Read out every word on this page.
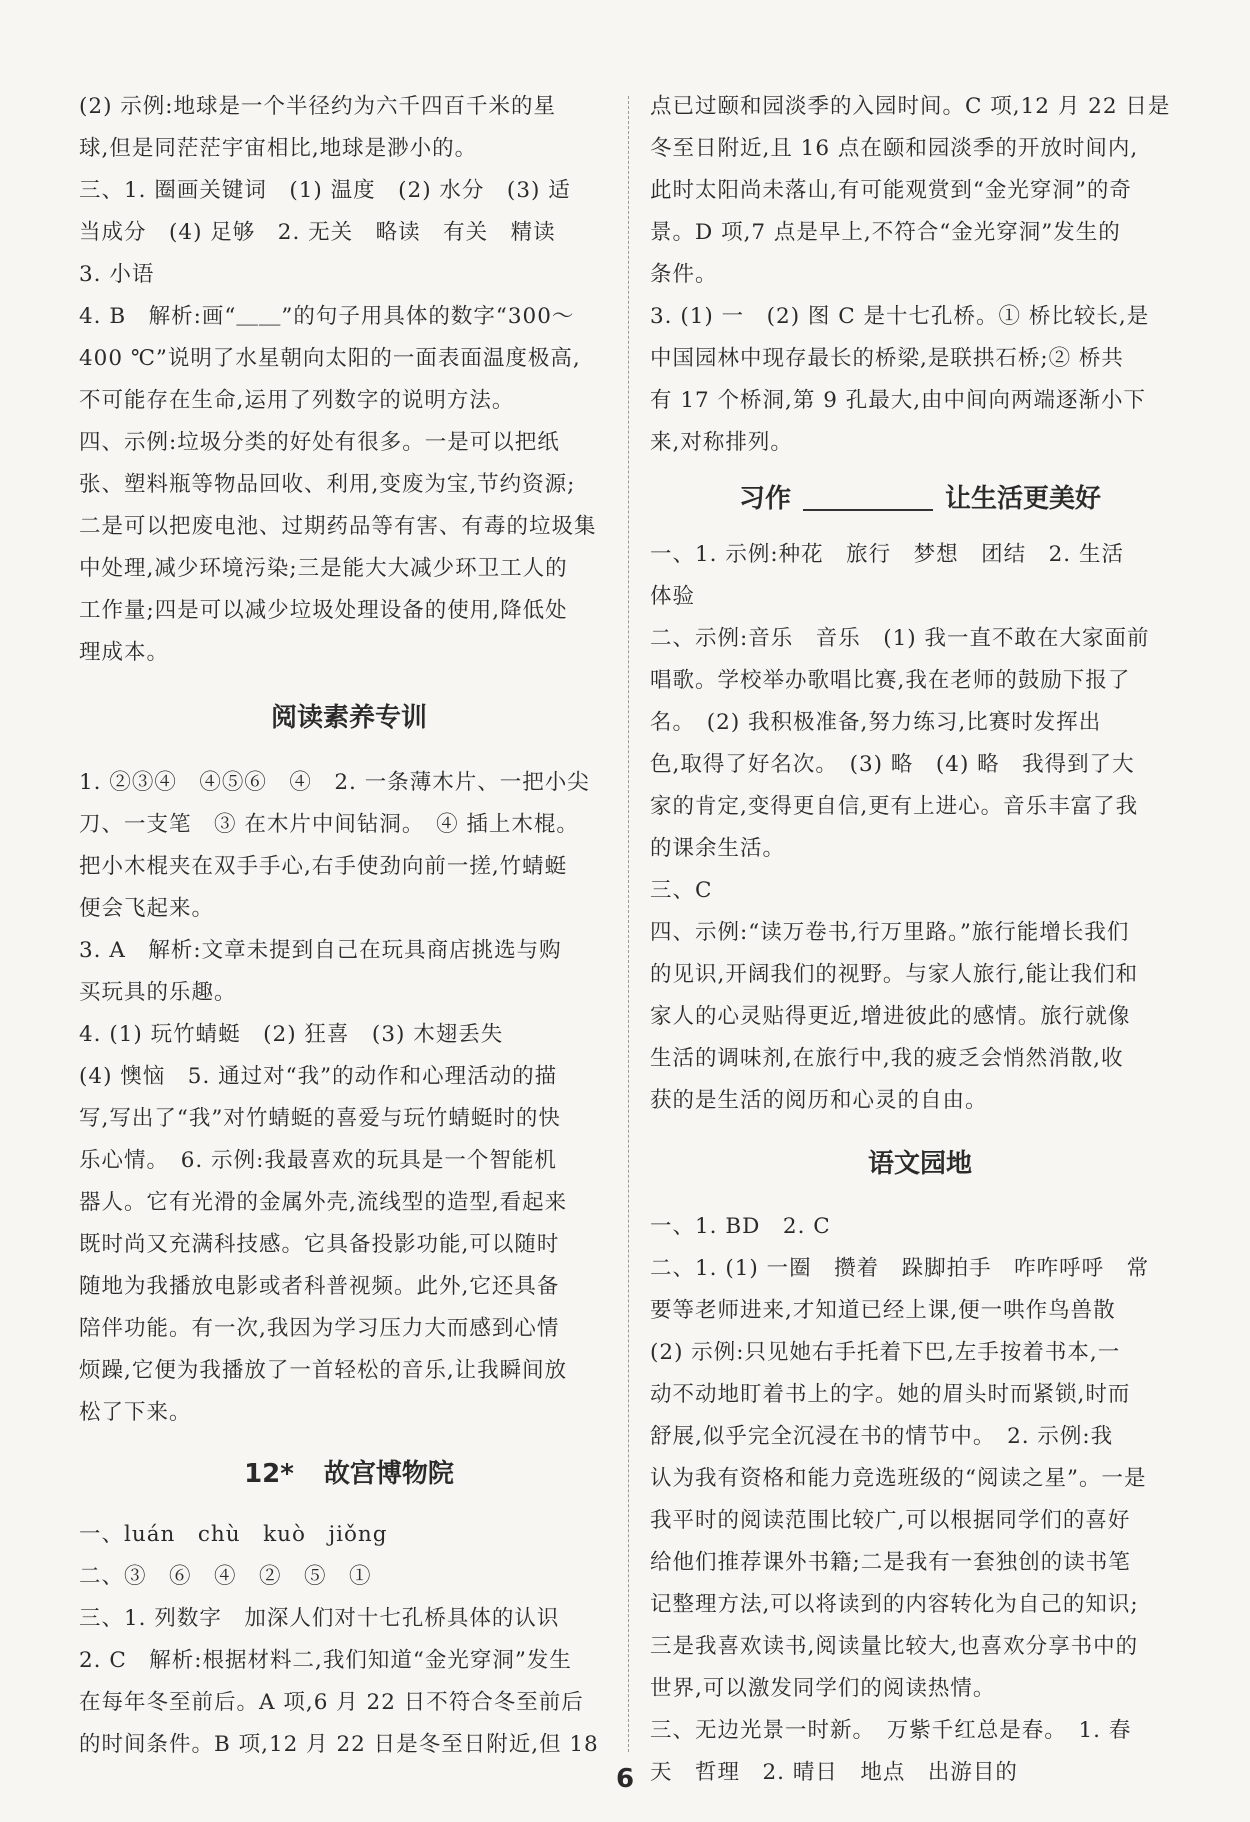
(2) 示例:地球是一个半径约为六千四百千米的星

球,但是同茫茫宇宙相比,地球是渺小的。

三、1. 圈画关键词　(1) 温度　(2) 水分　(3) 适

当成分　(4) 足够　2. 无关　略读　有关　精读

3. 小语

4. B　解析:画“＿＿”的句子用具体的数字“300～

400 ℃”说明了水星朝向太阳的一面表面温度极高,

不可能存在生命,运用了列数字的说明方法。

四、示例:垃圾分类的好处有很多。一是可以把纸

张、塑料瓶等物品回收、利用,变废为宝,节约资源;

二是可以把废电池、过期药品等有害、有毒的垃圾集

中处理,减少环境污染;三是能大大减少环卫工人的

工作量;四是可以减少垃圾处理设备的使用,降低处

理成本。

阅读素养专训

1. ②③④　④⑤⑥　④　2. 一条薄木片、一把小尖

刀、一支笔　③ 在木片中间钻洞。　④ 插上木棍。

把小木棍夹在双手手心,右手使劲向前一搓,竹蜻蜓

便会飞起来。

3. A　解析:文章未提到自己在玩具商店挑选与购

买玩具的乐趣。

4. (1) 玩竹蜻蜓　(2) 狂喜　(3) 木翅丢失

(4) 懊恼　5. 通过对“我”的动作和心理活动的描

写,写出了“我”对竹蜻蜓的喜爱与玩竹蜻蜓时的快

乐心情。　6. 示例:我最喜欢的玩具是一个智能机

器人。它有光滑的金属外壳,流线型的造型,看起来

既时尚又充满科技感。它具备投影功能,可以随时

随地为我播放电影或者科普视频。此外,它还具备

陪伴功能。有一次,我因为学习压力大而感到心情

烦躁,它便为我播放了一首轻松的音乐,让我瞬间放

松了下来。

12* 故宫博物院

一、luán　chù　kuò　jiǒng

二、③　⑥　④　②　⑤　①

三、1. 列数字　加深人们对十七孔桥具体的认识

2. C　解析:根据材料二,我们知道“金光穿洞”发生

在每年冬至前后。A 项,6 月 22 日不符合冬至前后

的时间条件。B 项,12 月 22 日是冬至日附近,但 18

点已过颐和园淡季的入园时间。C 项,12 月 22 日是

冬至日附近,且 16 点在颐和园淡季的开放时间内,

此时太阳尚未落山,有可能观赏到“金光穿洞”的奇

景。D 项,7 点是早上,不符合“金光穿洞”发生的

条件。

3. (1) 一　(2) 图 C 是十七孔桥。① 桥比较长,是

中国园林中现存最长的桥梁,是联拱石桥;② 桥共

有 17 个桥洞,第 9 孔最大,由中间向两端逐渐小下

来,对称排列。

习作	让生活更美好

一、1. 示例:种花　旅行　梦想　团结　2. 生活

体验

二、示例:音乐　音乐　(1) 我一直不敢在大家面前

唱歌。学校举办歌唱比赛,我在老师的鼓励下报了

名。　(2) 我积极准备,努力练习,比赛时发挥出

色,取得了好名次。　(3) 略　(4) 略　我得到了大

家的肯定,变得更自信,更有上进心。音乐丰富了我

的课余生活。

三、C

四、示例:“读万卷书,行万里路。”旅行能增长我们

的见识,开阔我们的视野。与家人旅行,能让我们和

家人的心灵贴得更近,增进彼此的感情。旅行就像

生活的调味剂,在旅行中,我的疲乏会悄然消散,收

获的是生活的阅历和心灵的自由。

语文园地

一、1. BD　2. C

二、1. (1) 一圈　攒着　跺脚拍手　咋咋呼呼　常

要等老师进来,才知道已经上课,便一哄作鸟兽散

(2) 示例:只见她右手托着下巴,左手按着书本,一

动不动地盯着书上的字。她的眉头时而紧锁,时而

舒展,似乎完全沉浸在书的情节中。　2. 示例:我

认为我有资格和能力竞选班级的“阅读之星”。一是

我平时的阅读范围比较广,可以根据同学们的喜好

给他们推荐课外书籍;二是我有一套独创的读书笔

记整理方法,可以将读到的内容转化为自己的知识;

三是我喜欢读书,阅读量比较大,也喜欢分享书中的

世界,可以激发同学们的阅读热情。

三、无边光景一时新。　万紫千红总是春。　1. 春

天　哲理　2. 晴日　地点　出游目的

6
